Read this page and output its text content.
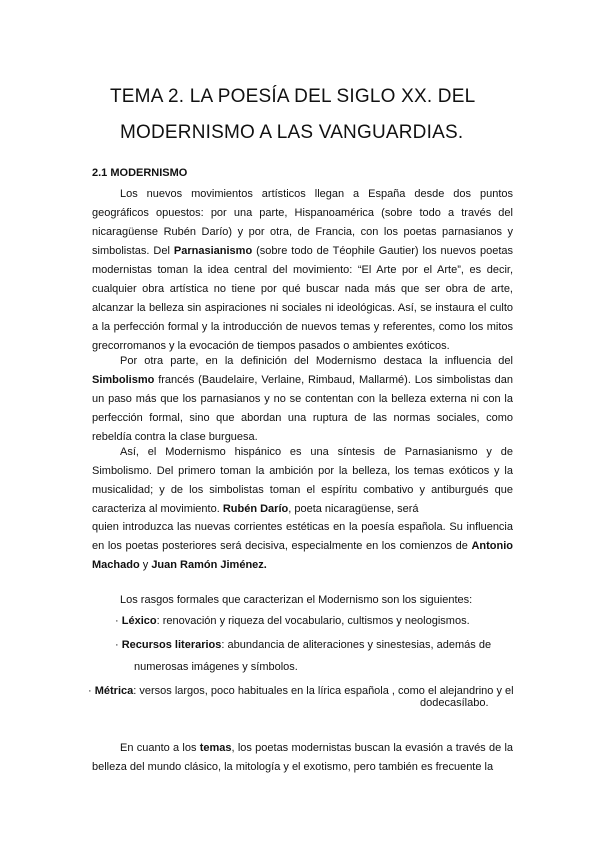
TEMA 2. LA POESÍA DEL SIGLO XX. DEL
MODERNISMO A LAS VANGUARDIAS.
2.1 MODERNISMO
Los nuevos movimientos artísticos llegan a España desde dos puntos geográficos opuestos: por una parte, Hispanoamérica (sobre todo a través del nicaragüense Rubén Darío) y por otra, de Francia, con los poetas parnasianos y simbolistas. Del Parnasianismo (sobre todo de Téophile Gautier) los nuevos poetas modernistas toman la idea central del movimiento: “El Arte por el Arte”, es decir, cualquier obra artística no tiene por qué buscar nada más que ser obra de arte, alcanzar la belleza sin aspiraciones ni sociales ni ideológicas. Así, se instaura el culto a la perfección formal y la introducción de nuevos temas y referentes, como los mitos grecorromanos y la evocación de tiempos pasados o ambientes exóticos.
Por otra parte, en la definición del Modernismo destaca la influencia del Simbolismo francés (Baudelaire, Verlaine, Rimbaud, Mallarmé). Los simbolistas dan un paso más que los parnasianos y no se contentan con la belleza externa ni con la perfección formal, sino que abordan una ruptura de las normas sociales, como rebeldía contra la clase burguesa.
Así, el Modernismo hispánico es una síntesis de Parnasianismo y de Simbolismo. Del primero toman la ambición por la belleza, los temas exóticos y la musicalidad; y de los simbolistas toman el espíritu combativo y antiburgués que caracteriza al movimiento. Rubén Darío, poeta nicaragüense, será
quien introduzca las nuevas corrientes estéticas en la poesía española. Su influencia en los poetas posteriores será decisiva, especialmente en los comienzos de Antonio Machado y Juan Ramón Jiménez.
Los rasgos formales que caracterizan el Modernismo son los siguientes:
· Léxico: renovación y riqueza del vocabulario, cultismos y neologismos.
· Recursos literarios: abundancia de aliteraciones y sinestesias, además de
numerosas imágenes y símbolos.
· Métrica: versos largos, poco habituales en la lírica española , como el alejandrino y el
dodecasílabo.
En cuanto a los temas, los poetas modernistas buscan la evasión a través de la belleza del mundo clásico, la mitología y el exotismo, pero también es frecuente la
